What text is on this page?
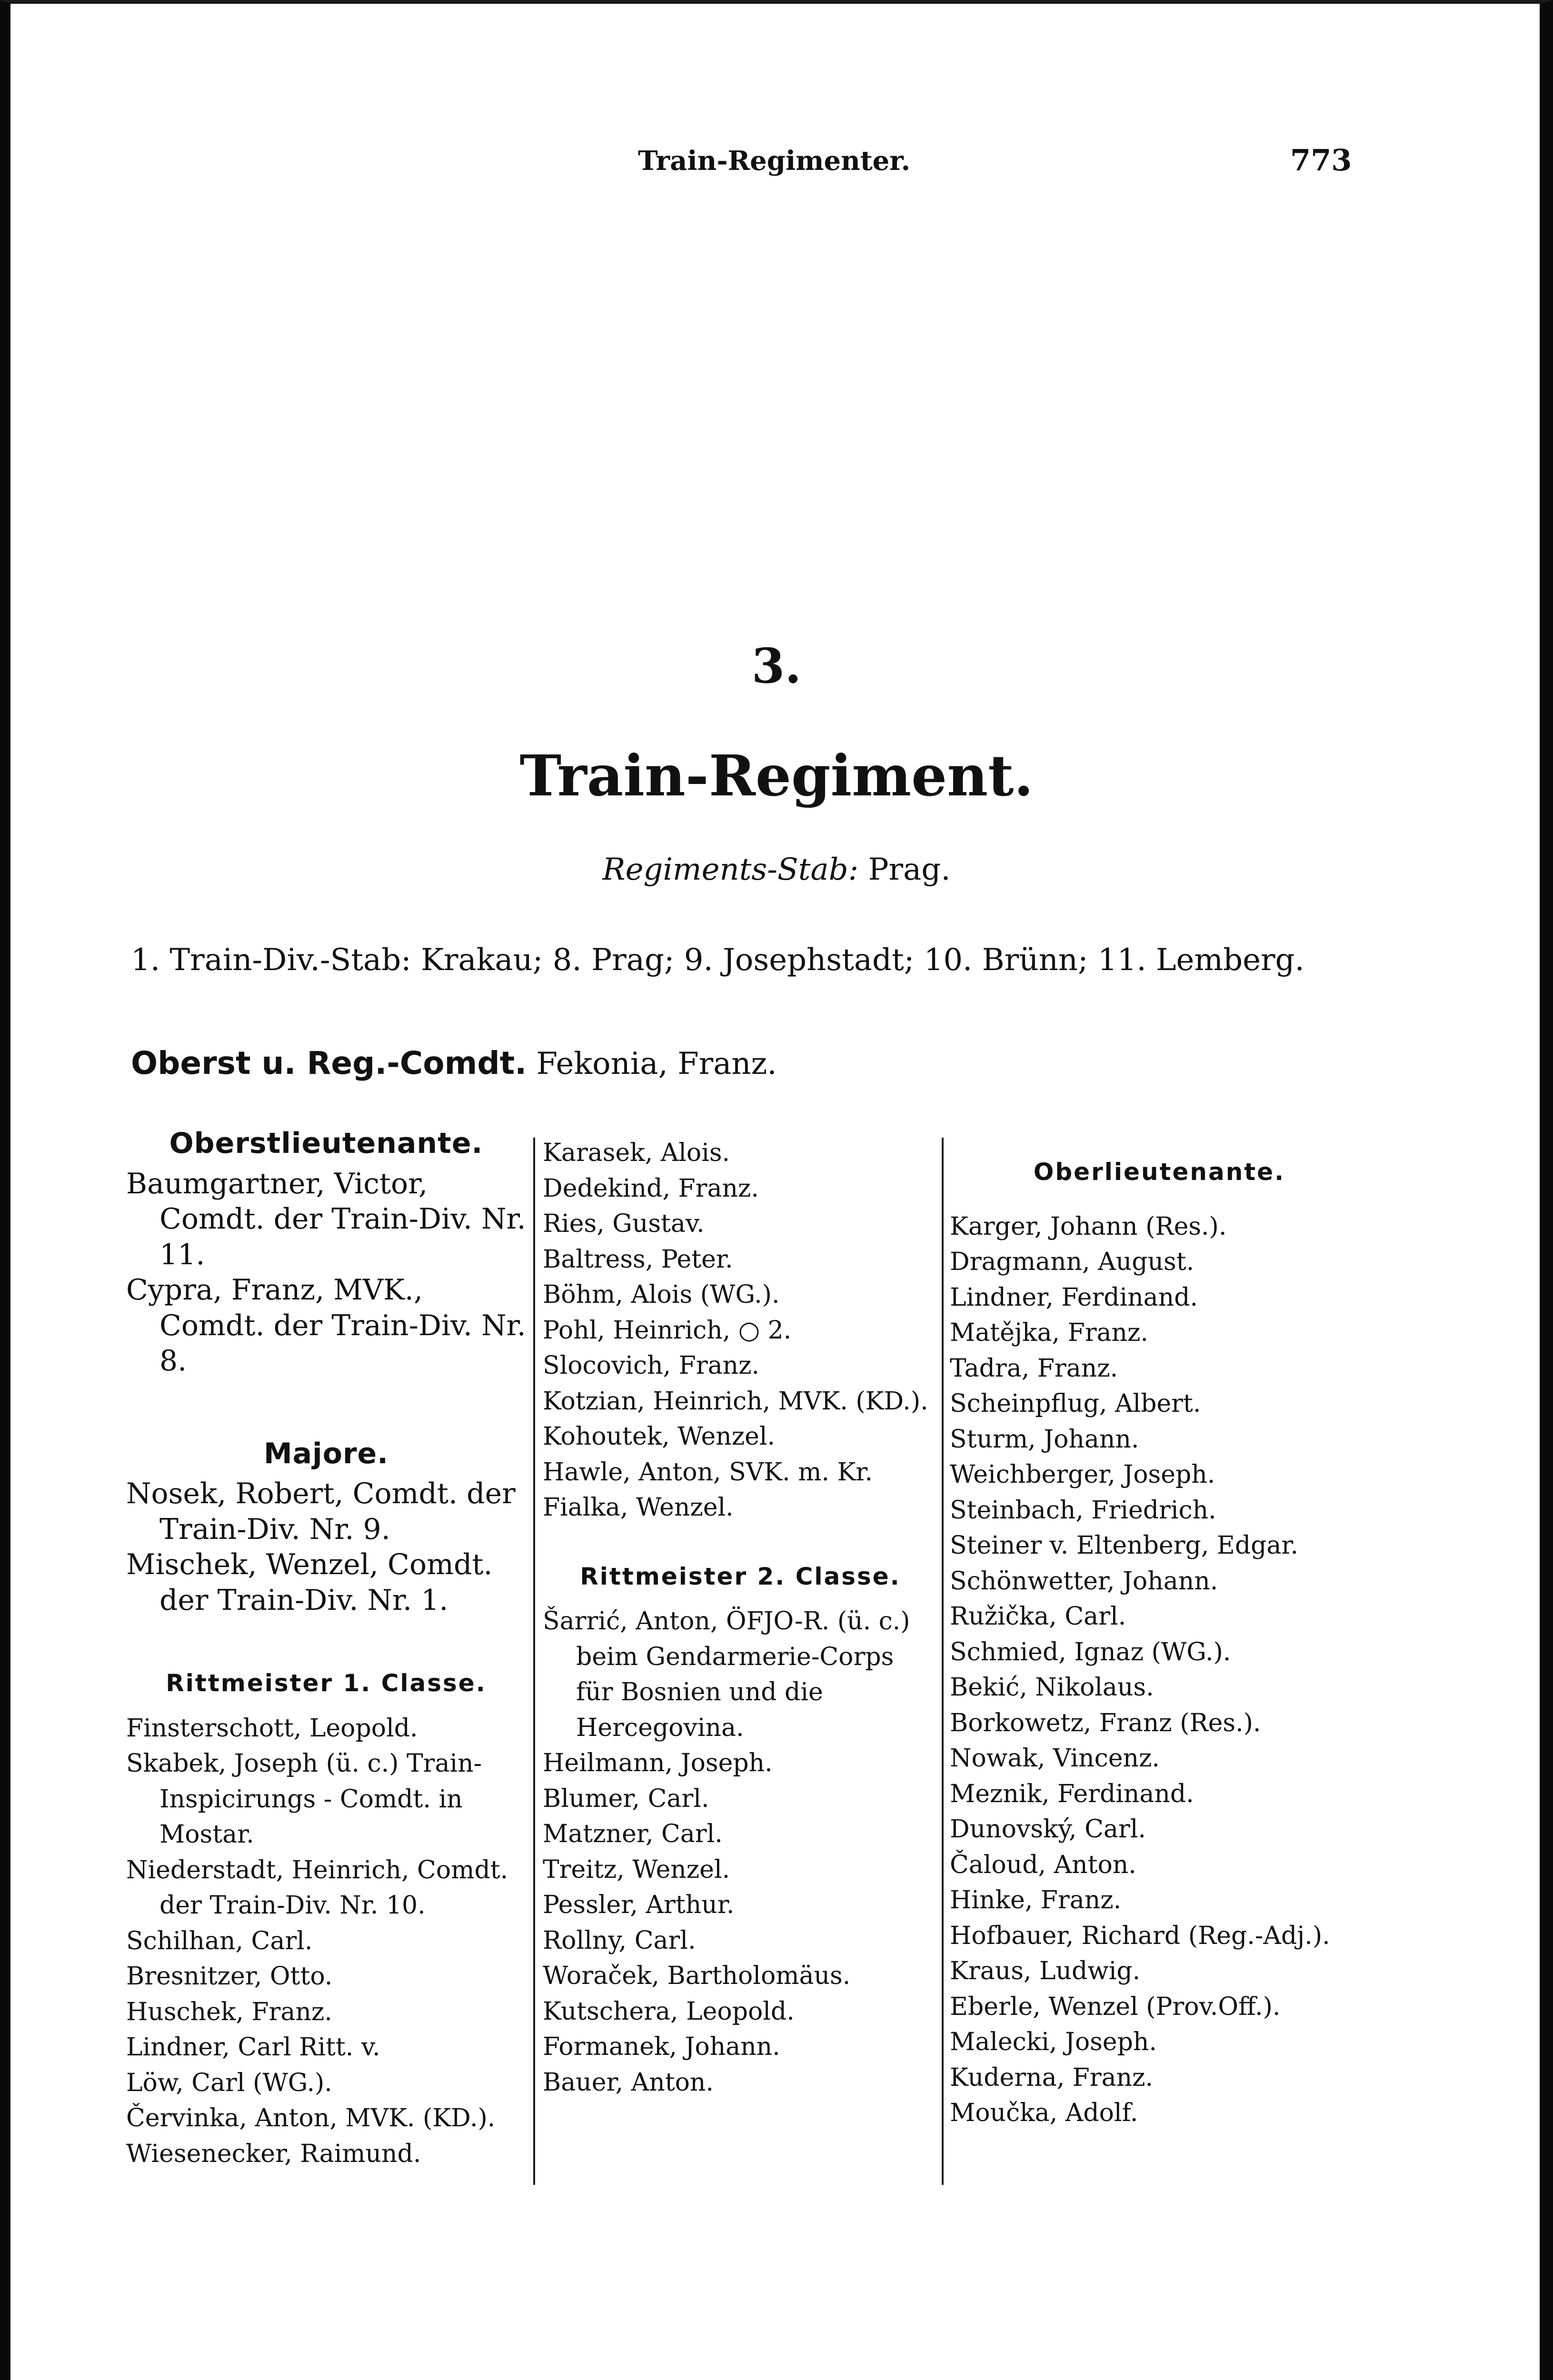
Train-Regimenter.	773
3.
Train-Regiment.
Regiments-Stab: Prag.
1. Train-Div.-Stab: Krakau; 8. Prag; 9. Josephstadt; 10. Brünn; 11. Lemberg.
Oberst u. Reg.-Comdt. Fekonia, Franz.
Oberstlieutenante.
Baumgartner, Victor, Comdt. der Train-Div. Nr. 11.
Cypra, Franz, MVK., Comdt. der Train-Div. Nr. 8.
Majore.
Nosek, Robert, Comdt. der Train-Div. Nr. 9.
Mischek, Wenzel, Comdt. der Train-Div. Nr. 1.
Rittmeister 1. Classe.
Finsterschott, Leopold.
Skabek, Joseph (ü. c.) Train-Inspicirungs - Comdt. in Mostar.
Niederstadt, Heinrich, Comdt. der Train-Div. Nr. 10.
Schilhan, Carl.
Bresnitzer, Otto.
Huschek, Franz.
Lindner, Carl Ritt. v.
Löw, Carl (WG.).
Červinka, Anton, MVK. (KD.).
Wiesenecker, Raimund.
Karasek, Alois.
Dedekind, Franz.
Ries, Gustav.
Baltress, Peter.
Böhm, Alois (WG.).
Pohl, Heinrich, ○ 2.
Slocovich, Franz.
Kotzian, Heinrich, MVK. (KD.).
Kohoutek, Wenzel.
Hawle, Anton, SVK. m. Kr.
Fialka, Wenzel.
Rittmeister 2. Classe.
Šarrić, Anton, ÖFJO-R. (ü. c.) beim Gendarmerie-Corps für Bosnien und die Hercegovina.
Heilmann, Joseph.
Blumer, Carl.
Matzner, Carl.
Treitz, Wenzel.
Pessler, Arthur.
Rollny, Carl.
Woraček, Bartholomäus.
Kutschera, Leopold.
Formanek, Johann.
Bauer, Anton.
Oberlieutenante.
Karger, Johann (Res.).
Dragmann, August.
Lindner, Ferdinand.
Matějka, Franz.
Tadra, Franz.
Scheinpflug, Albert.
Sturm, Johann.
Weichberger, Joseph.
Steinbach, Friedrich.
Steiner v. Eltenberg, Edgar.
Schönwetter, Johann.
Ružička, Carl.
Schmied, Ignaz (WG.).
Bekić, Nikolaus.
Borkowetz, Franz (Res.).
Nowak, Vincenz.
Meznik, Ferdinand.
Dunovský, Carl.
Čaloud, Anton.
Hinke, Franz.
Hofbauer, Richard (Reg.-Adj.).
Kraus, Ludwig.
Eberle, Wenzel (Prov.Off.).
Malecki, Joseph.
Kuderna, Franz.
Moučka, Adolf.
